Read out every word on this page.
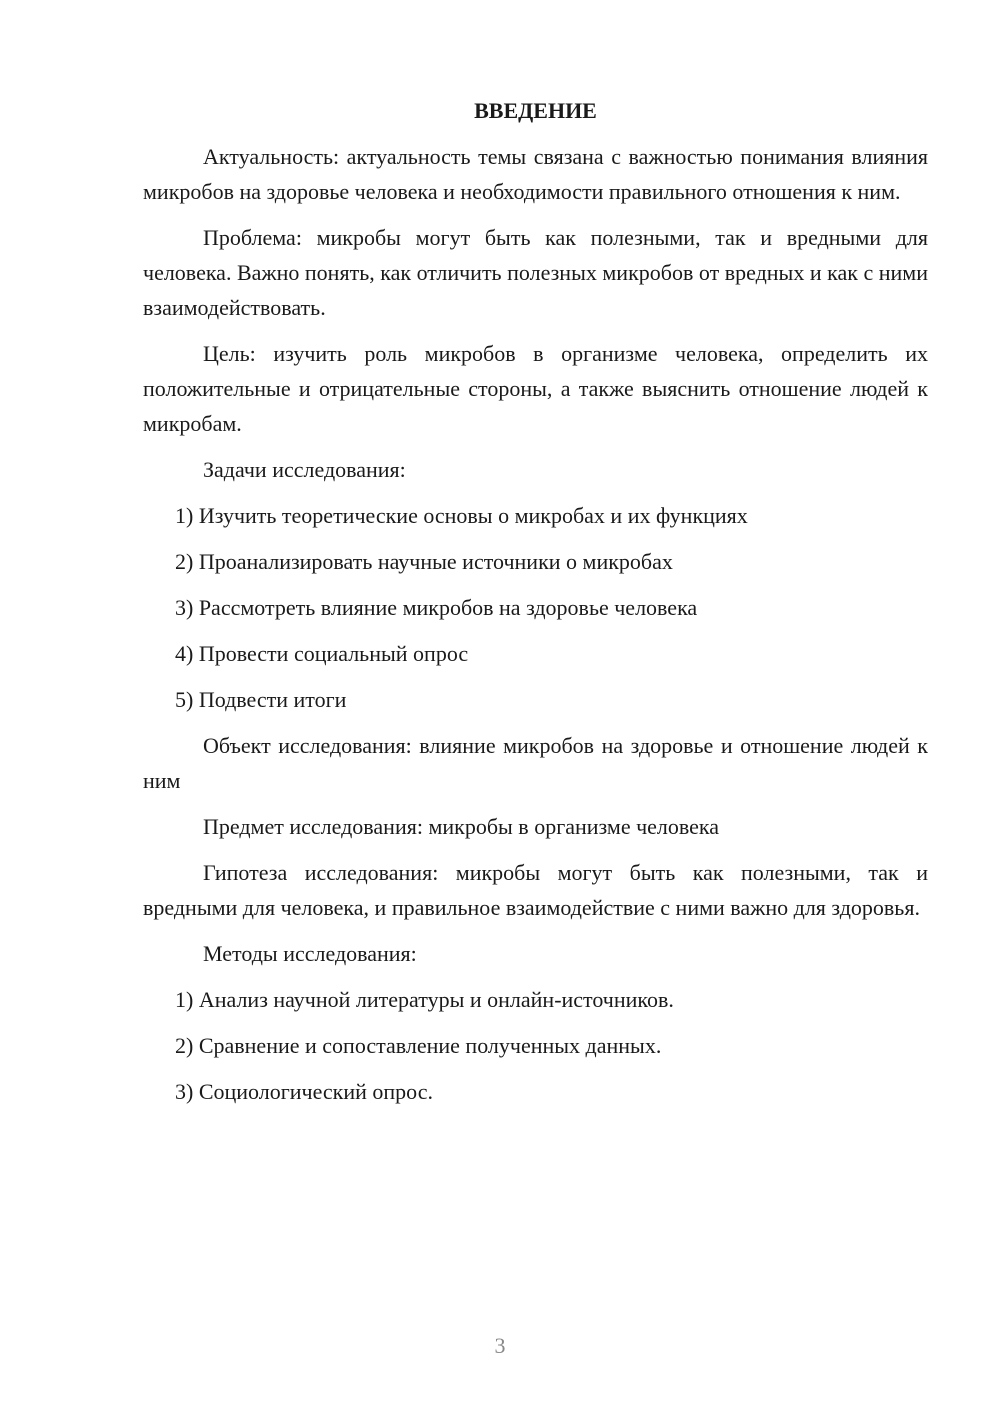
ВВЕДЕНИЕ

Актуальность: актуальность темы связана с важностью понимания влияния микробов на здоровье человека и необходимости правильного отношения к ним.

Проблема: микробы могут быть как полезными, так и вредными для человека. Важно понять, как отличить полезных микробов от вредных и как с ними взаимодействовать.

Цель: изучить роль микробов в организме человека, определить их положительные и отрицательные стороны, а также выяснить отношение людей к микробам.

Задачи исследования:

1) Изучить теоретические основы о микробах и их функциях
2) Проанализировать научные источники о микробах
3) Рассмотреть влияние микробов на здоровье человека
4) Провести социальный опрос
5) Подвести итоги

Объект исследования: влияние микробов на здоровье и отношение людей к ним

Предмет исследования: микробы в организме человека

Гипотеза исследования: микробы могут быть как полезными, так и вредными для человека, и правильное взаимодействие с ними важно для здоровья.

Методы исследования:

1) Анализ научной литературы и онлайн-источников.
2) Сравнение и сопоставление полученных данных.
3) Социологический опрос.
3
